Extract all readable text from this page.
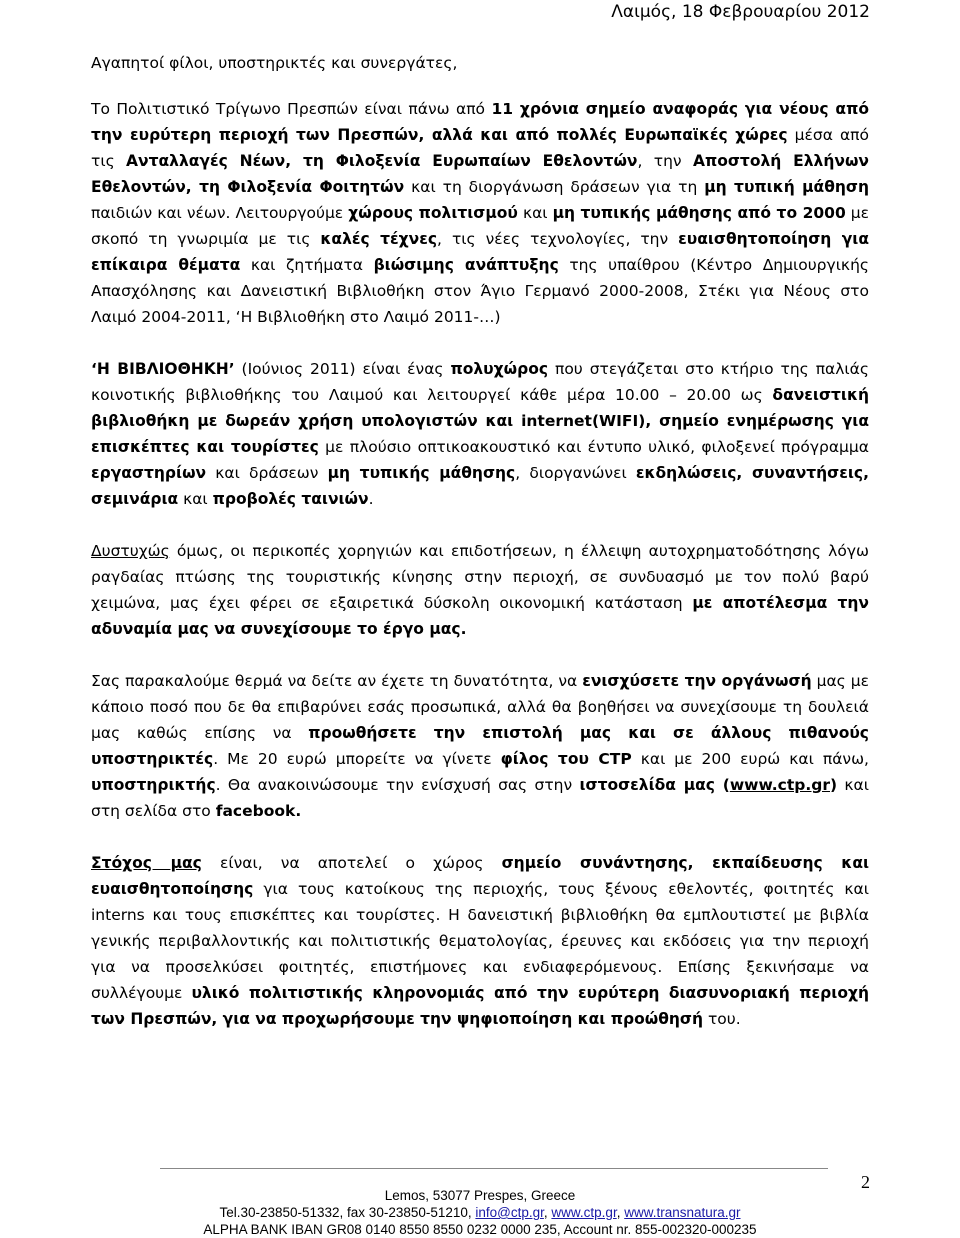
Λαιμός, 18 Φεβρουαρίου 2012

Αγαπητοί φίλοι, υποστηρικτές και συνεργάτες,

Το Πολιτιστικό Τρίγωνο Πρεσπών είναι πάνω από 11 χρόνια σημείο αναφοράς για νέους από την ευρύτερη περιοχή των Πρεσπών, αλλά και από πολλές Ευρωπαϊκές χώρες μέσα από τις Ανταλλαγές Νέων, τη Φιλοξενία Ευρωπαίων Εθελοντών, την Αποστολή Ελλήνων Εθελοντών, τη Φιλοξενία Φοιτητών και τη διοργάνωση δράσεων για τη μη τυπική μάθηση παιδιών και νέων. Λειτουργούμε χώρους πολιτισμού και μη τυπικής μάθησης από το 2000 με σκοπό τη γνωριμία με τις καλές τέχνες, τις νέες τεχνολογίες, την ευαισθητοποίηση για επίκαιρα θέματα και ζητήματα βιώσιμης ανάπτυξης της υπαίθρου (Κέντρο Δημιουργικής Απασχόλησης και Δανειστική Βιβλιοθήκη στον Άγιο Γερμανό 2000-2008, Στέκι για Νέους στο Λαιμό 2004-2011, ‘Η Βιβλιοθήκη στο Λαιμό 2011-…)

‘Η ΒΙΒΛΙΟΘΗΚΗ’ (Ιούνιος 2011) είναι ένας πολυχώρος που στεγάζεται στο κτήριο της παλιάς κοινοτικής βιβλιοθήκης του Λαιμού και λειτουργεί κάθε μέρα 10.00 – 20.00 ως δανειστική βιβλιοθήκη με δωρεάν χρήση υπολογιστών και internet(WIFI), σημείο ενημέρωσης για επισκέπτες και τουρίστες με πλούσιο οπτικοακουστικό και έντυπο υλικό, φιλοξενεί πρόγραμμα εργαστηρίων και δράσεων μη τυπικής μάθησης, διοργανώνει εκδηλώσεις, συναντήσεις, σεμινάρια και προβολές ταινιών.

Δυστυχώς όμως, οι περικοπές χορηγιών και επιδοτήσεων, η έλλειψη αυτοχρηματοδότησης λόγω ραγδαίας πτώσης της τουριστικής κίνησης στην περιοχή, σε συνδυασμό με τον πολύ βαρύ χειμώνα, μας έχει φέρει σε εξαιρετικά δύσκολη οικονομική κατάσταση με αποτέλεσμα την αδυναμία μας να συνεχίσουμε το έργο μας.

Σας παρακαλούμε θερμά να δείτε αν έχετε τη δυνατότητα, να ενισχύσετε την οργάνωσή μας με κάποιο ποσό που δε θα επιβαρύνει εσάς προσωπικά, αλλά θα βοηθήσει να συνεχίσουμε τη δουλειά μας καθώς επίσης να προωθήσετε την επιστολή μας και σε άλλους πιθανούς υποστηρικτές. Με 20 ευρώ μπορείτε να γίνετε φίλος του CTP και με 200 ευρώ και πάνω, υποστηρικτής. Θα ανακοινώσουμε την ενίσχυσή σας στην ιστοσελίδα μας (www.ctp.gr) και στη σελίδα στο facebook.

Στόχος μας είναι, να αποτελεί ο χώρος σημείο συνάντησης, εκπαίδευσης και ευαισθητοποίησης για τους κατοίκους της περιοχής, τους ξένους εθελοντές, φοιτητές και interns και τους επισκέπτες και τουρίστες. Η δανειστική βιβλιοθήκη θα εμπλουτιστεί με βιβλία γενικής περιβαλλοντικής και πολιτιστικής θεματολογίας, έρευνες και εκδόσεις για την περιοχή για να προσελκύσει φοιτητές, επιστήμονες και ενδιαφερόμενους. Επίσης ξεκινήσαμε να συλλέγουμε υλικό πολιτιστικής κληρονομιάς από την ευρύτερη διασυνοριακή περιοχή των Πρεσπών, για να προχωρήσουμε την ψηφιοποίηση και προώθησή του.

2
Lemos, 53077 Prespes, Greece
Tel.30-23850-51332, fax 30-23850-51210, info@ctp.gr, www.ctp.gr, www.transnatura.gr
ALPHA BANK IBAN GR08 0140 8550 8550 0232 0000 235, Account nr. 855-002320-000235
